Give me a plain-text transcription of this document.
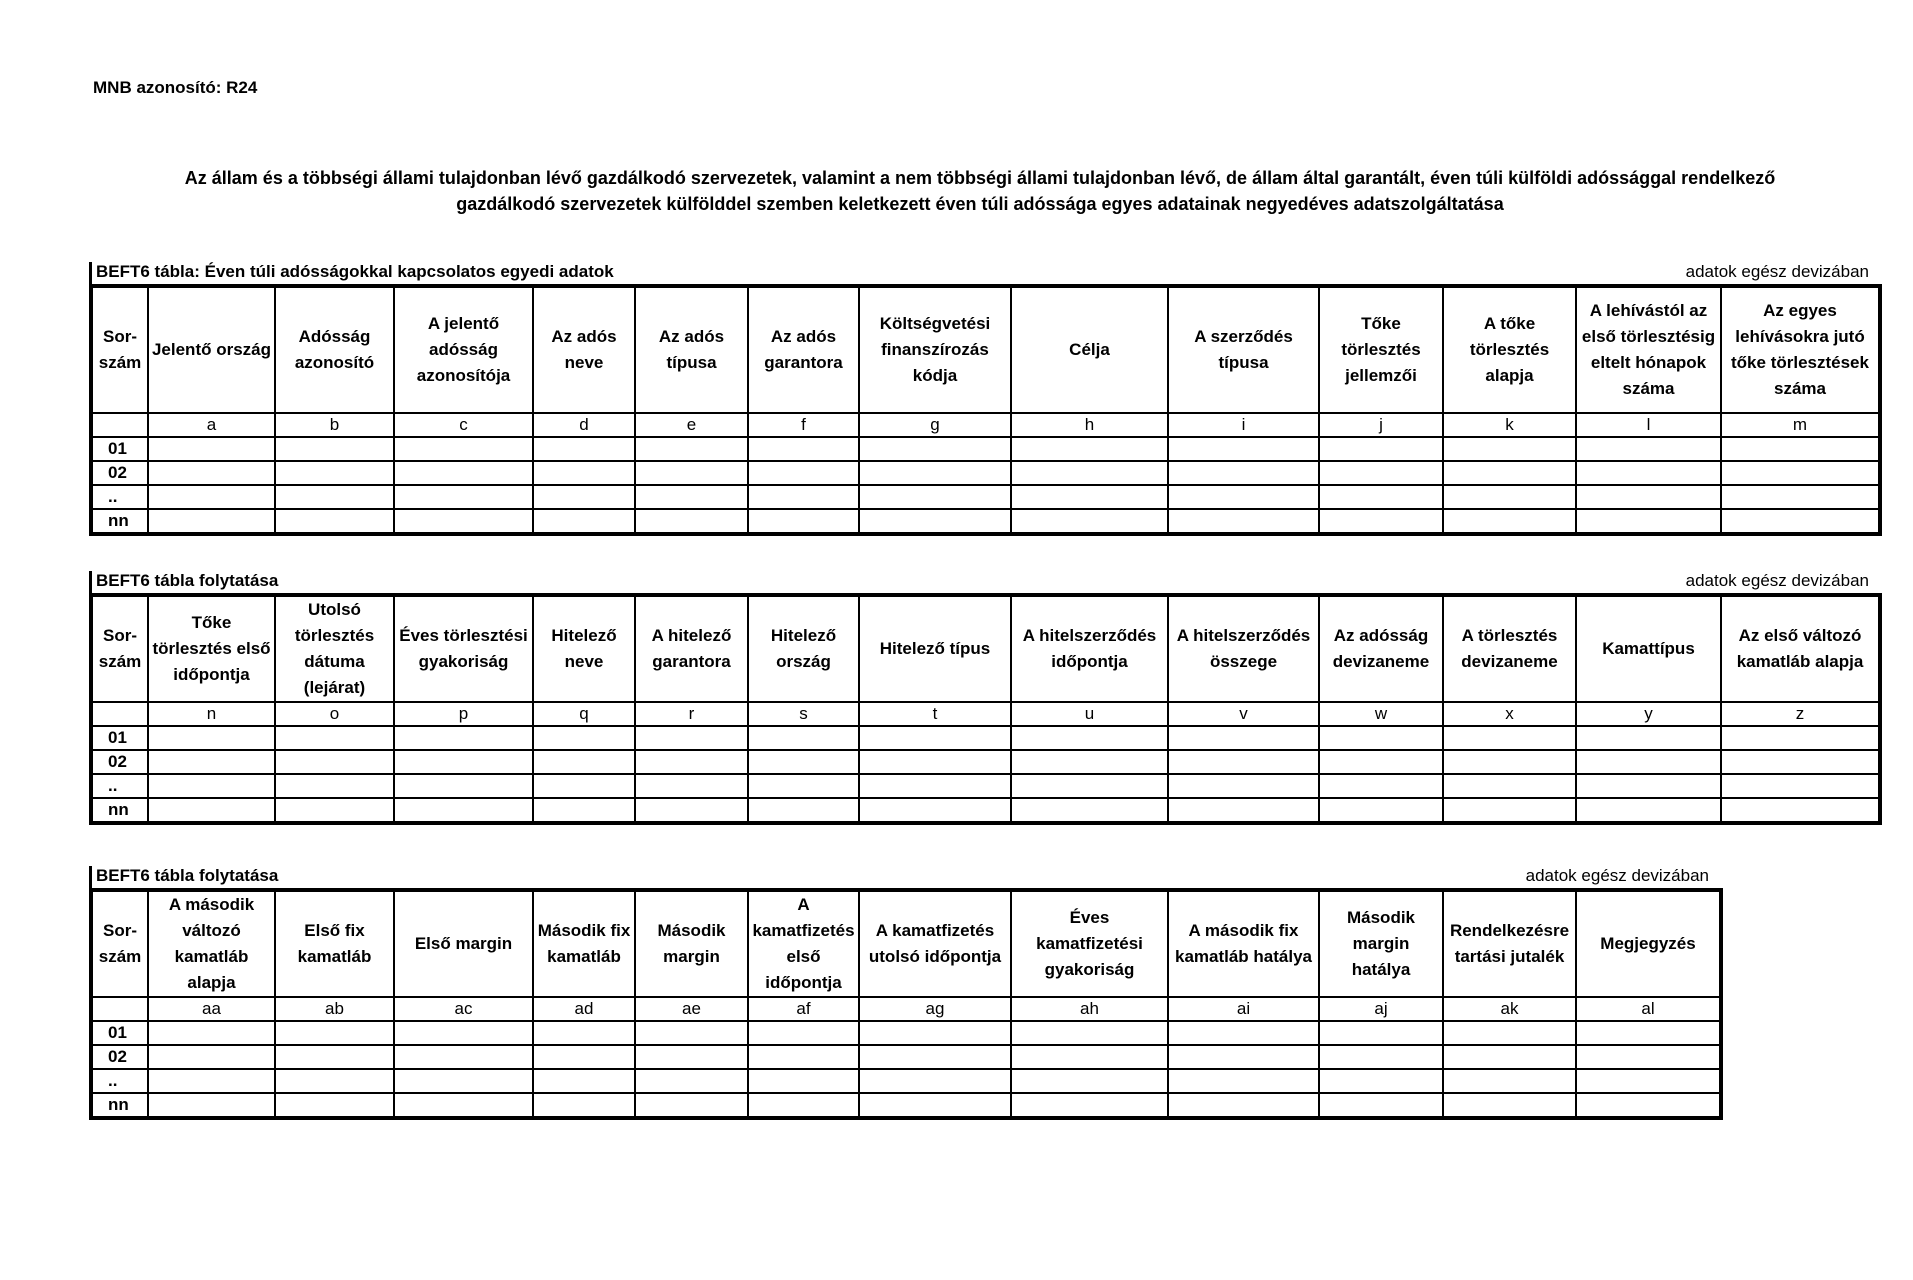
MNB azonosító: R24
Az állam és a többségi állami tulajdonban lévő gazdálkodó szervezetek, valamint a nem többségi állami tulajdonban lévő, de állam által garantált, éven túli külföldi adóssággal rendelkező
gazdálkodó szervezetek külfölddel szemben keletkezett éven túli adóssága egyes adatainak negyedéves adatszolgáltatása
BEFT6 tábla: Éven túli adósságokkal kapcsolatos egyedi adatok	adatok egész devizában
Sor-szám	Jelentő ország	Adósság azonosító	A jelentő adósság azonosítója	Az adós neve	Az adós típusa	Az adós garantora	Költségvetési finanszírozás kódja	Célja	A szerződés típusa	Tőke törlesztés jellemzői	A tőke törlesztés alapja	A lehívástól az első törlesztésig eltelt hónapok száma	Az egyes lehívásokra jutó tőke törlesztések száma
	a	b	c	d	e	f	g	h	i	j	k	l	m
01													
02													
..													
nn													
BEFT6 tábla folytatása	adatok egész devizában
Sor-szám	Tőke törlesztés első időpontja	Utolsó törlesztés dátuma (lejárat)	Éves törlesztési gyakoriság	Hitelező neve	A hitelező garantora	Hitelező ország	Hitelező típus	A hitelszerződés időpontja	A hitelszerződés összege	Az adósság devizaneme	A törlesztés devizaneme	Kamattípus	Az első változó kamatláb alapja
	n	o	p	q	r	s	t	u	v	w	x	y	z
01													
02													
..													
nn													
BEFT6 tábla folytatása	adatok egész devizában
Sor-szám	A második változó kamatláb alapja	Első fix kamatláb	Első margin	Második fix kamatláb	Második margin	A kamatfizetés első időpontja	A kamatfizetés utolsó időpontja	Éves kamatfizetési gyakoriság	A második fix kamatláb hatálya	Második margin hatálya	Rendelkezésre tartási jutalék	Megjegyzés
	aa	ab	ac	ad	ae	af	ag	ah	ai	aj	ak	al
01												
02												
..												
nn												
